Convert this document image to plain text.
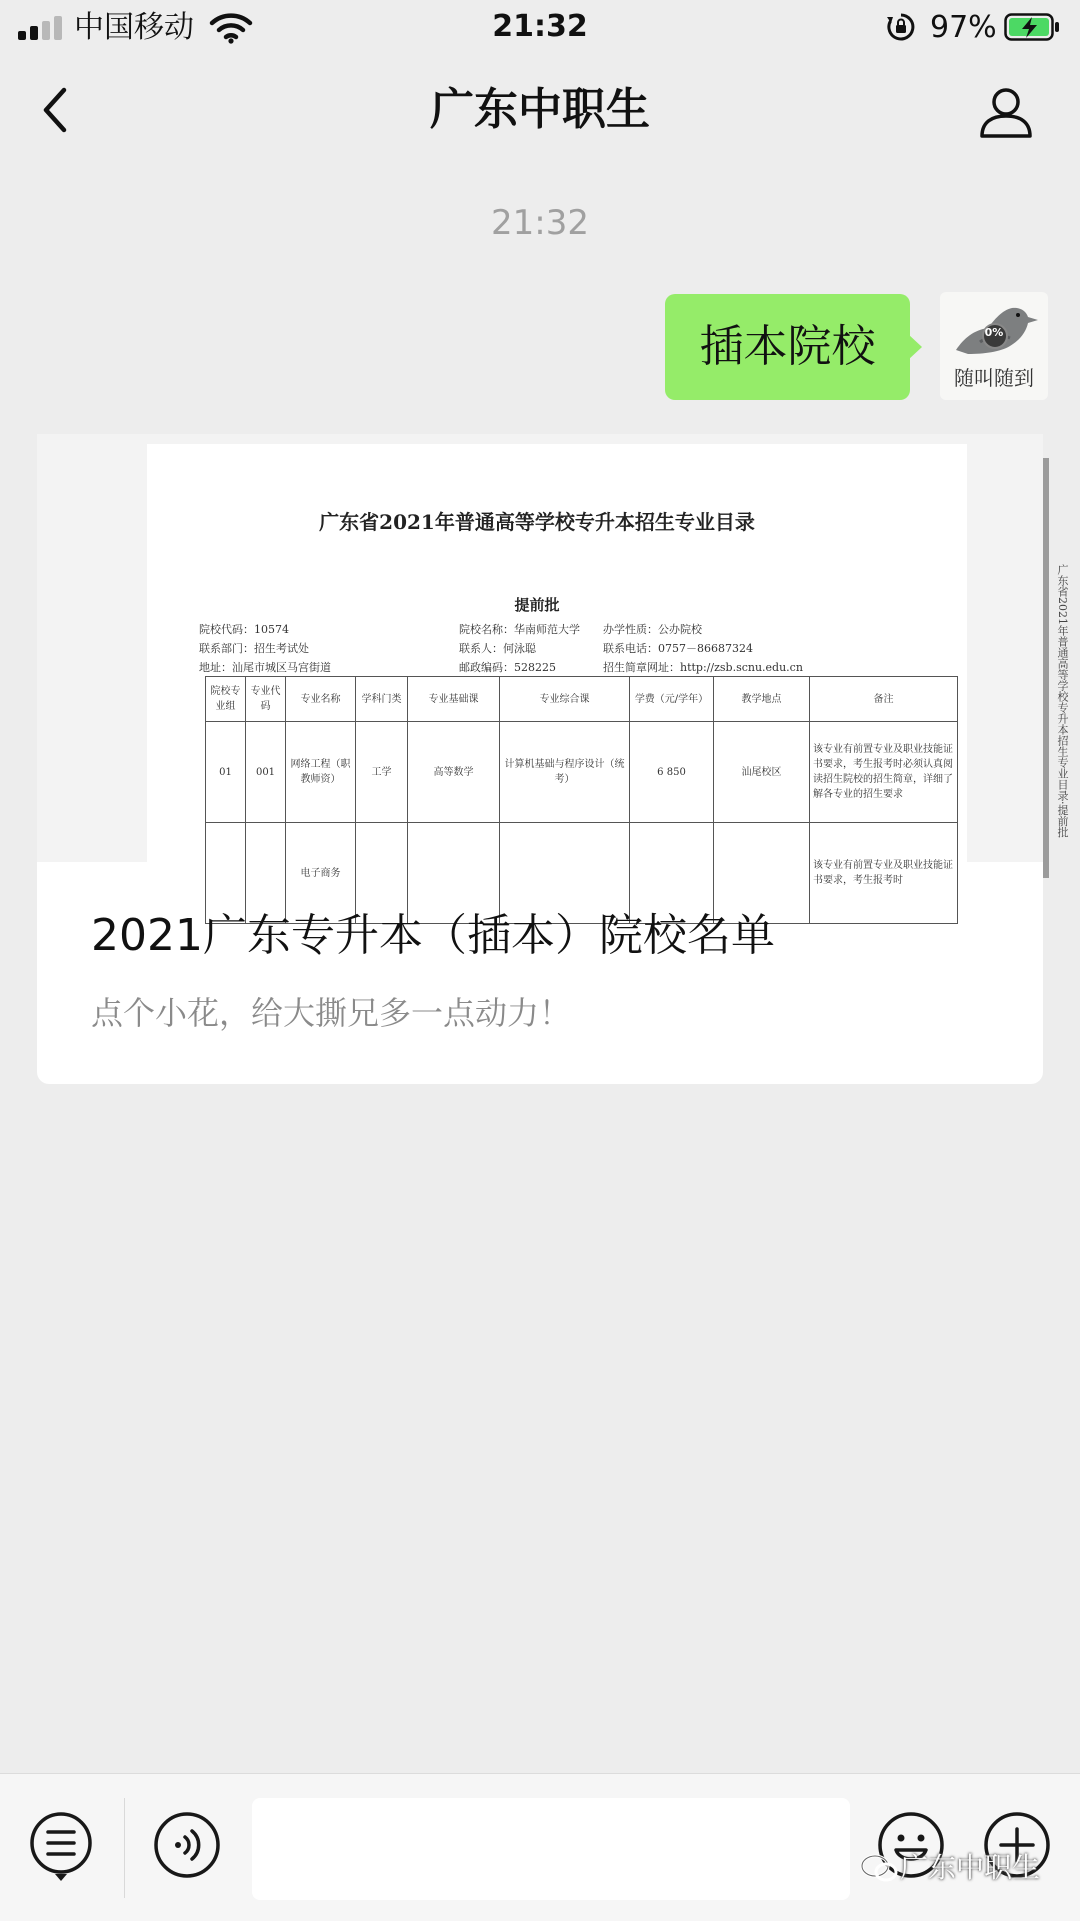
中国移动	21:32	97%
广东中职生
21:32
插本院校	0%
随叫随到
广东省2021年普通高等学校专升本招生专业目录
提前批
院校代码：10574
联系部门：招生考试处
地址：汕尾市城区马宫街道
院校名称：华南师范大学
联系人：何泳聪
邮政编码：528225
办学性质：公办院校
联系电话：0757－86687324
招生简章网址：http://zsb.scnu.edu.cn
院校专业组	专业代码	专业名称	学科门类	专业基础课	专业综合课	学费（元/学年）	教学地点	备注
01	001	网络工程（职教师资）	工学	高等数学	计算机基础与程序设计（统考）	6 850	汕尾校区	该专业有前置专业及职业技能证书要求，考生报考时必须认真阅读招生院校的招生简章，详细了解各专业的招生要求
		电子商务						该专业有前置专业及职业技能证书要求，考生报考时
广东省2021年普通高等学校专升本招生专业目录·提前批
2021广东专升本（插本）院校名单
点个小花，给大撕兄多一点动力！
广东中职生
